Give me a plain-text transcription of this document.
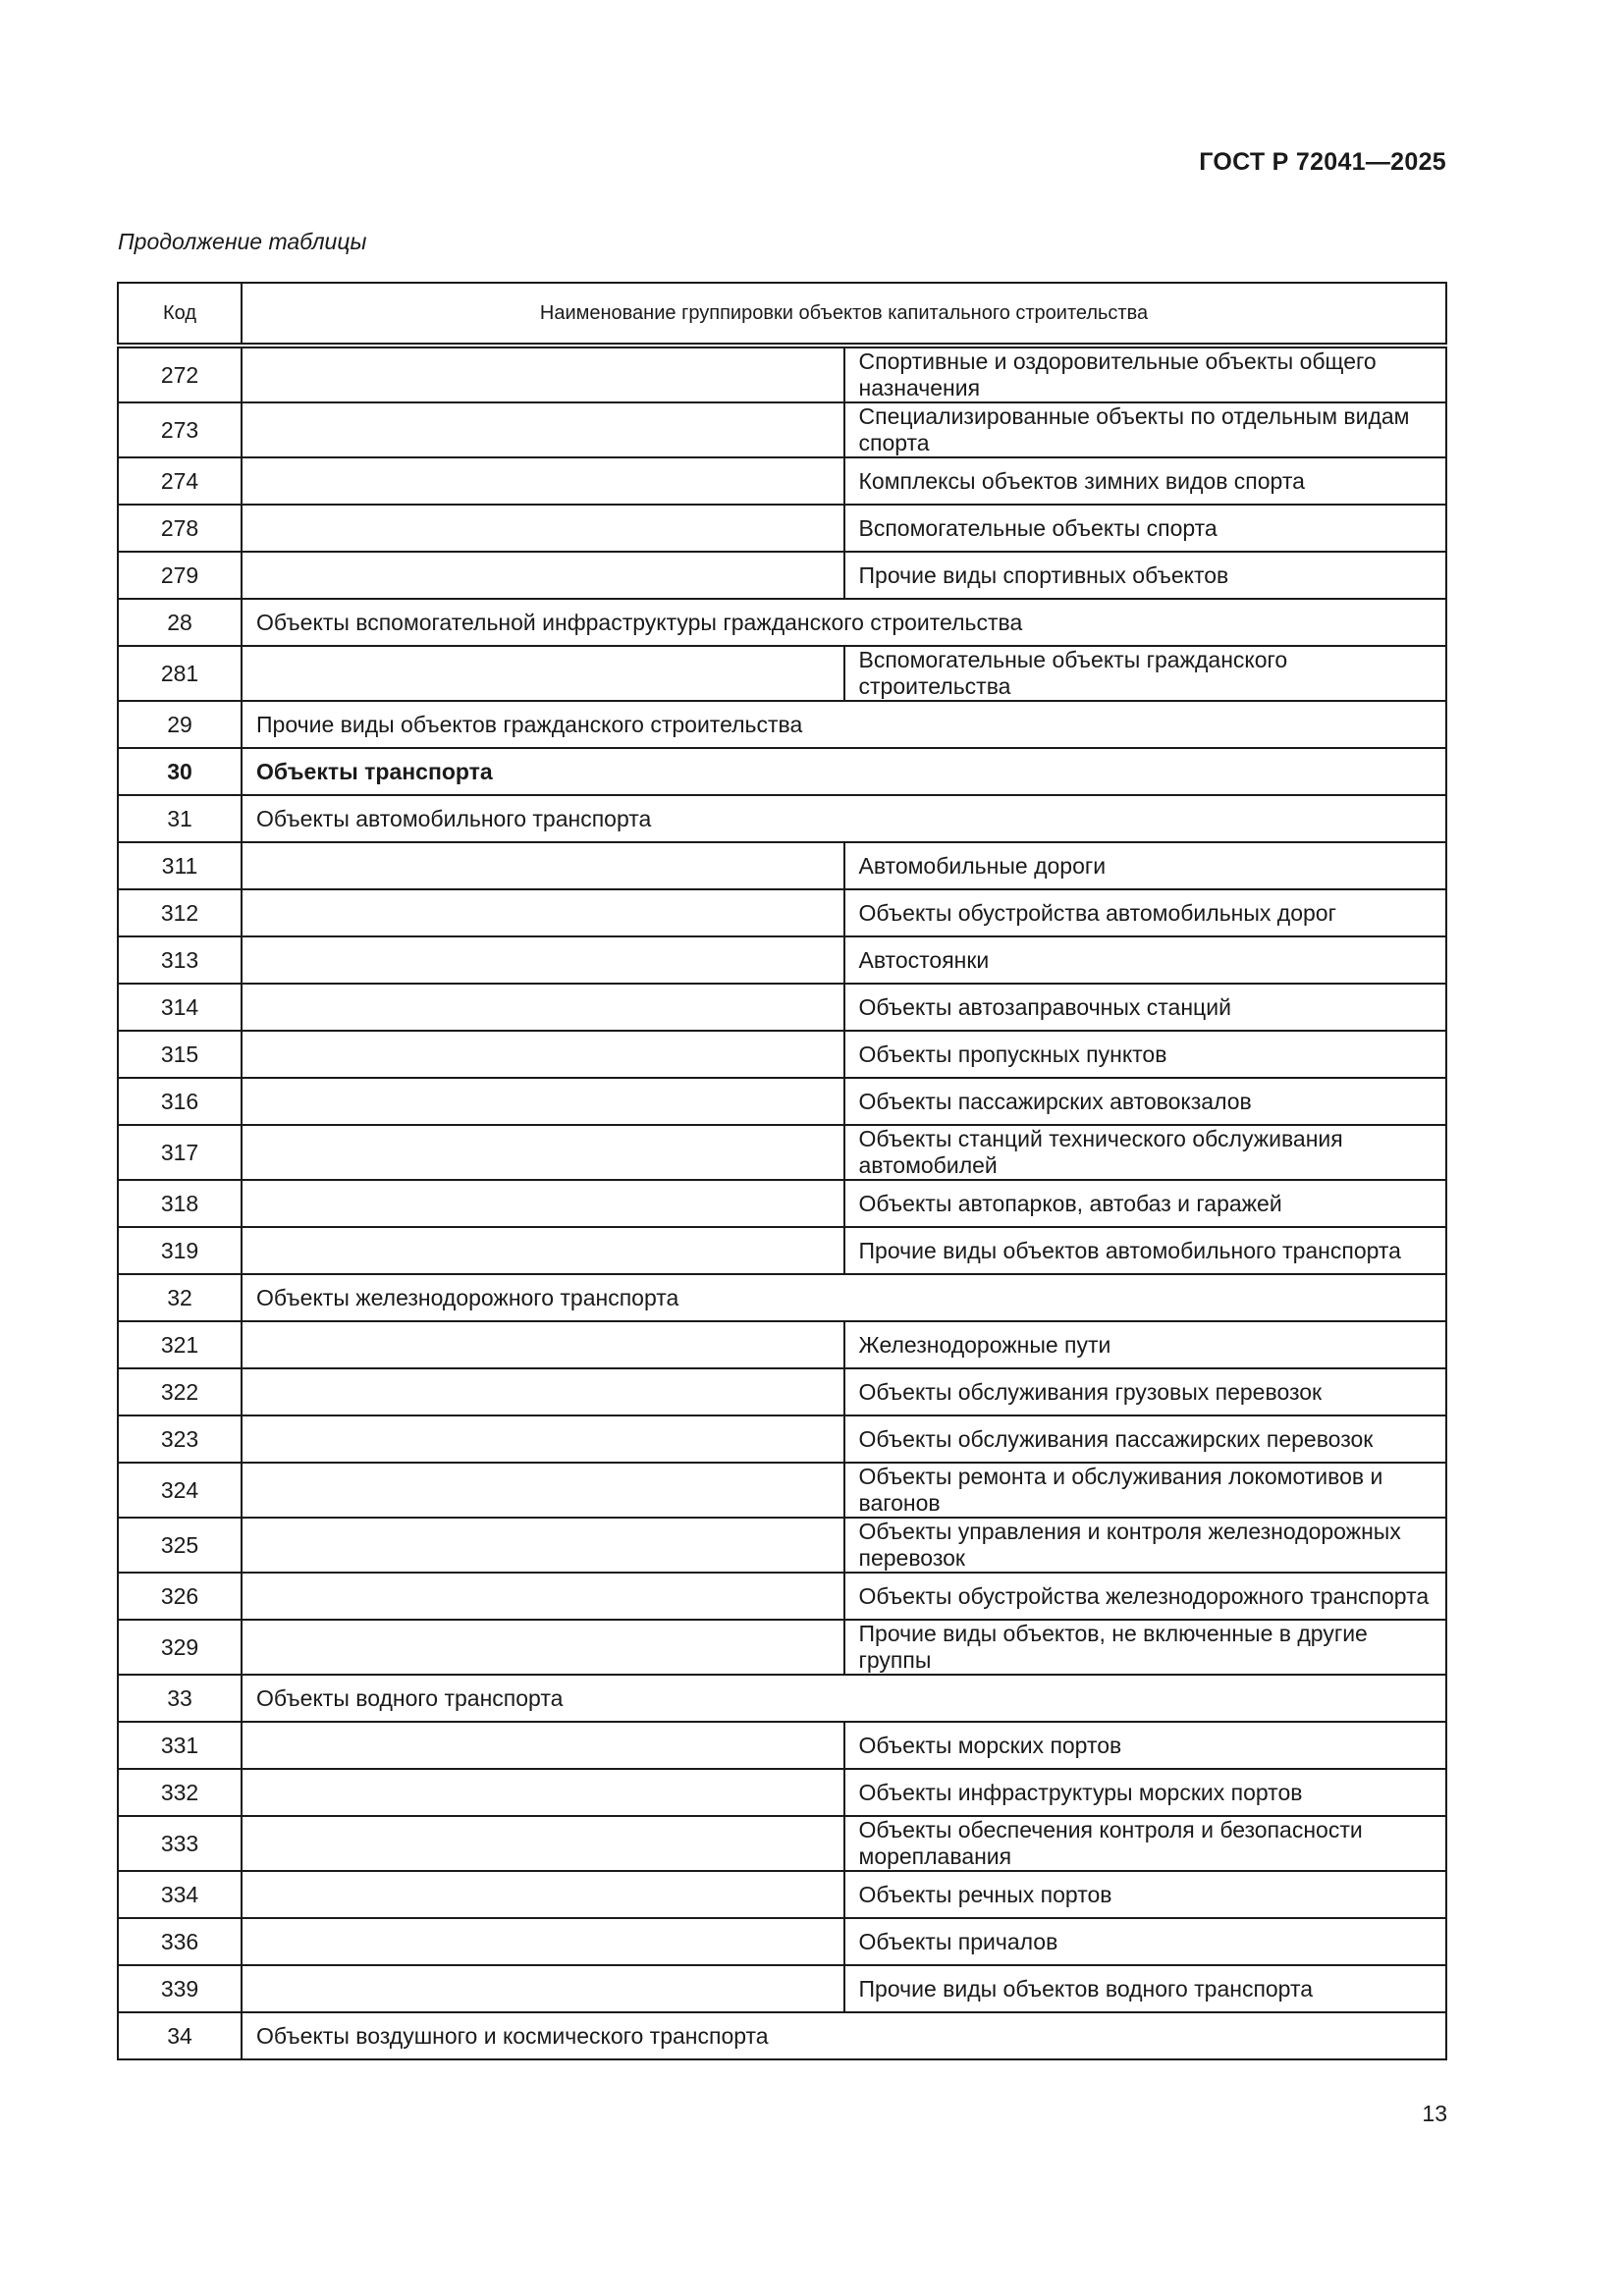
ГОСТ Р 72041—2025
Продолжение таблицы
Код	Наименование группировки объектов капитального строительства	
272		Спортивные и оздоровительные объекты общего назначения
273		Специализированные объекты по отдельным видам спорта
274		Комплексы объектов зимних видов спорта
278		Вспомогательные объекты спорта
279		Прочие виды спортивных объектов
28	Объекты вспомогательной инфраструктуры гражданского строительства	
281		Вспомогательные объекты гражданского строительства
29	Прочие виды объектов гражданского строительства	
30	Объекты транспорта	
31	Объекты автомобильного транспорта	
311		Автомобильные дороги
312		Объекты обустройства автомобильных дорог
313		Автостоянки
314		Объекты автозаправочных станций
315		Объекты пропускных пунктов
316		Объекты пассажирских автовокзалов
317		Объекты станций технического обслуживания автомобилей
318		Объекты автопарков, автобаз и гаражей
319		Прочие виды объектов автомобильного транспорта
32	Объекты железнодорожного транспорта	
321		Железнодорожные пути
322		Объекты обслуживания грузовых перевозок
323		Объекты обслуживания пассажирских перевозок
324		Объекты ремонта и обслуживания локомотивов и вагонов
325		Объекты управления и контроля железнодорожных перевозок
326		Объекты обустройства железнодорожного транспорта
329		Прочие виды объектов, не включенные в другие группы
33	Объекты водного транспорта	
331		Объекты морских портов
332		Объекты инфраструктуры морских портов
333		Объекты обеспечения контроля и безопасности мореплавания
334		Объекты речных портов
336		Объекты причалов
339		Прочие виды объектов водного транспорта
34	Объекты воздушного и космического транспорта	
13
